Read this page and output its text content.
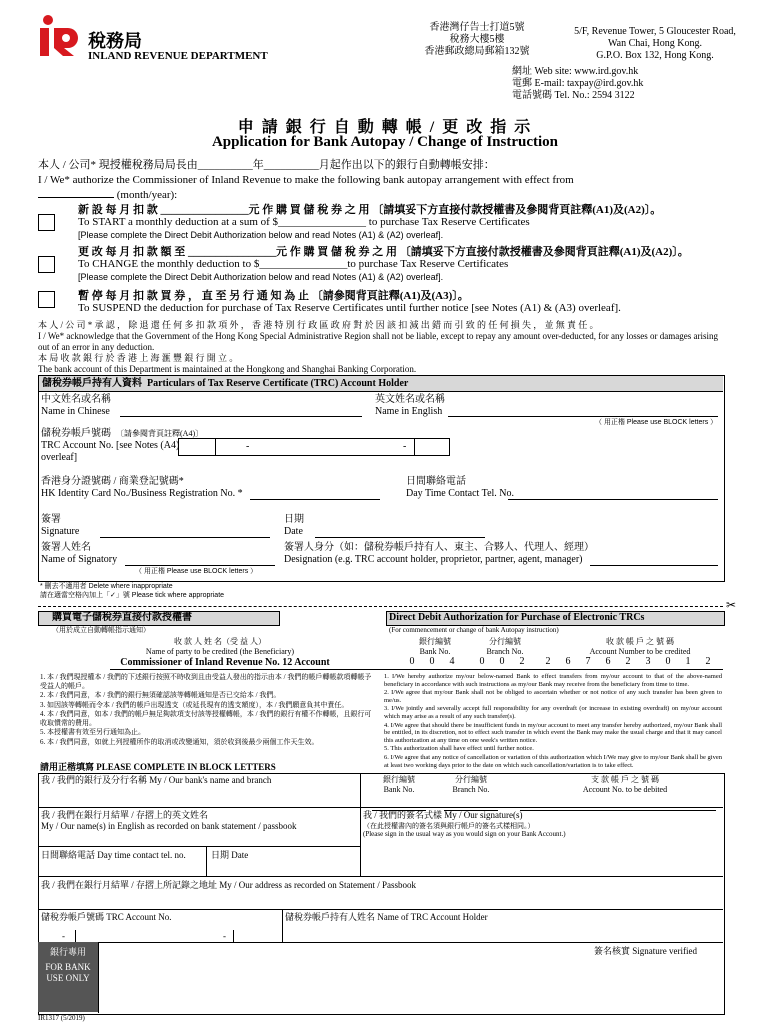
稅務局
INLAND REVENUE DEPARTMENT
香港灣仔告士打道5號
稅務大樓5樓
香港郵政總局郵箱132號
5/F, Revenue Tower, 5 Gloucester Road,
Wan Chai, Hong Kong.
G.P.O. Box 132, Hong Kong.
網址 Web site: www.ird.gov.hk
電郵 E-mail: taxpay@ird.gov.hk
電話號碼 Tel. No.: 2594 3122
申 請 銀 行 自 動 轉 帳 / 更 改 指 示
Application for Bank Autopay / Change of Instruction
本人 / 公司* 現授權稅務局局長由__________年__________月起作出以下的銀行自動轉帳安排：
I / We* authorize the Commissioner of Inland Revenue to make the following bank autopay arrangement with effect from
(month/year):
新 設 每 月 扣 款 ________________元 作 購 買 儲 稅 券 之 用 〔請填妥下方直接付款授權書及參閱背頁註釋(A1)及(A2)〕。
To START a monthly deduction at a sum of $________________ to purchase Tax Reserve Certificates
[Please complete the Direct Debit Authorization below and read Notes (A1) & (A2) overleaf].
更 改 每 月 扣 款 額 至 ________________元 作 購 買 儲 稅 券 之 用 〔請填妥下方直接付款授權書及參閱背頁註釋(A1)及(A2)〕。
To CHANGE the monthly deduction to $________________to purchase Tax Reserve Certificates
[Please complete the Direct Debit Authorization below and read Notes (A1) & (A2) overleaf].
暫 停 每 月 扣 款 買 券 ， 直 至 另 行 通 知 為 止 〔請參閱背頁註釋(A1)及(A3)〕。
To SUSPEND the deduction for purchase of Tax Reserve Certificates until further notice [see Notes (A1) & (A3) overleaf].
本 人 / 公 司 * 承 認 ， 除 退 還 任 何 多 扣 款 項 外 ， 香 港 特 別 行 政 區 政 府 對 於 因 該 扣 減 出 錯 而 引 致 的 任 何 損 失 ， 並 無 責 任 。
I / We* acknowledge that the Government of the Hong Kong Special Administrative Region shall not be liable, except to repay any amount over-deducted, for any losses or damages arising out of an error in any deduction.
本 局 收 款 銀 行 於 香 港 上 海 滙 豐 銀 行 開 立 。
The bank account of this Department is maintained at the Hongkong and Shanghai Banking Corporation.
儲稅券帳戶持有人資料 Particulars of Tax Reserve Certificate (TRC) Account Holder
中文姓名或名稱
Name in Chinese
英文姓名或名稱
Name in English
（ 用正楷 Please use BLOCK letters ）
儲稅券帳戶號碼 〔請參閱背頁註釋(A4)〕
TRC Account No. [see Notes (A4)
overleaf]
-	-
香港身分證號碼 / 商業登記號碼*
HK Identity Card No./Business Registration No. *
日間聯絡電話
Day Time Contact Tel. No.
簽署
Signature
日期
Date
簽署人姓名
Name of Signatory
（ 用正楷 Please use BLOCK letters ）
簽署人身分（如：儲稅券帳戶持有人、東主、合夥人、代理人、經理）
Designation (e.g. TRC account holder, proprietor, partner, agent, manager)
* 刪去不適用者 Delete where inappropriate
請在適當空格內加上「✓」號 Please tick where appropriate
✂
購買電子儲稅券直接付款授權書
（用於成立自動轉帳指示通知）
Direct Debit Authorization for Purchase of Electronic TRCs
(For commencement or change of bank Autopay instruction)
收 款 人 姓 名（受 益 人）
Name of party to be credited (the Beneficiary)
Commissioner of Inland Revenue No. 12 Account
銀行編號
Bank No.
分行編號
Branch No.
收 款 帳 戶 之 號 碼
Account Number to be credited
0	0	4	0	0	2	2	6	7	6	2	3	0	1	2

1. 本 / 我們現授權本 / 我們的下述銀行按照不時收到且由受益人發出的指示由本 / 我們的帳戶轉帳款項轉帳予受益人的帳戶。

2. 本 / 我們同意，本 / 我們的銀行無須確認該等轉帳通知是否已交給本 / 我們。

3. 如因該等轉帳而令本 / 我們的帳戶出現透支（或延長現有的透支額度），本 / 我們願意負其中責任。

4. 本 / 我們同意，如本 / 我們的帳戶無足夠款項支付該等授權轉帳，本 / 我們的銀行有權不作轉帳，且銀行可收取慣常的費用。

5. 本授權書有效至另行通知為止。

6. 本 / 我們同意，如就上列授權所作的取消或改變通知，須於收到後最少兩個工作天生效。

1. I/We hereby authorize my/our below-named Bank to effect transfers from my/our account to that of the above-named beneficiary in accordance with such instructions as my/our Bank may receive from the beneficiary from time to time.

2. I/We agree that my/our Bank shall not be obliged to ascertain whether or not notice of any such transfer has been given to me/us.

3. I/We jointly and severally accept full responsibility for any overdraft (or increase in existing overdraft) on my/our account which may arise as a result of any such transfer(s).

4. I/We agree that should there be insufficient funds in my/our account to meet any transfer hereby authorized, my/our Bank shall be entitled, in its discretion, not to effect such transfer in which event the Bank may make the usual charge and that it may cancel this authorization at any time on one week's written notice.

5. This authorization shall have effect until further notice.

6. I/We agree that any notice of cancellation or variation of this authorization which I/We may give to my/our Bank shall be given at least two working days prior to the date on which such cancellation/variation is to take effect.

請用正楷填寫 PLEASE COMPLETE IN BLOCK LETTERS
我 / 我們的銀行及分行名稱 My / Our bank's name and branch	銀行編號
Bank No.
分行編號
Branch No.
支 款 帳 戶 之 號 碼
Account No. to be debited
我 / 我們在銀行月結單 / 存摺上的英文姓名
My / Our name(s) in English as recorded on bank statement / passbook
我 / 我們的簽名式樣 My / Our signature(s)
（在此授權書內的簽名須與銀行帳戶的簽名式樣相同。）
(Please sign in the usual way as you would sign on your Bank Account.)
日間聯絡電話 Day time contact tel. no.	日期 Date
我 / 我們在銀行月結單 / 存摺上所記錄之地址 My / Our address as recorded on Statement / Passbook
儲稅券帳戶號碼 TRC Account No.	儲稅券帳戶持有人姓名 Name of TRC Account Holder
-	-
銀行專用
FOR BANK
USE ONLY
簽名核實 Signature verified
IR1317 (5/2019)
